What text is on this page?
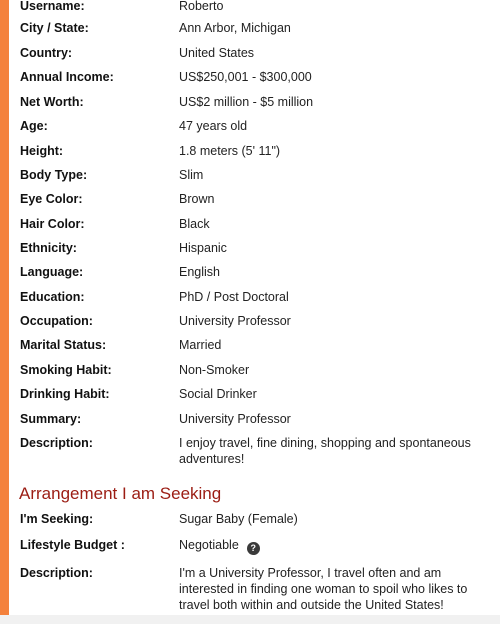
Username:	Roberto
City / State:	Ann Arbor, Michigan
Country:	United States
Annual Income:	US$250,001 - $300,000
Net Worth:	US$2 million - $5 million
Age:	47 years old
Height:	1.8 meters (5' 11")
Body Type:	Slim
Eye Color:	Brown
Hair Color:	Black
Ethnicity:	Hispanic
Language:	English
Education:	PhD / Post Doctoral
Occupation:	University Professor
Marital Status:	Married
Smoking Habit:	Non-Smoker
Drinking Habit:	Social Drinker
Summary:	University Professor
Description:	I enjoy travel, fine dining, shopping and spontaneous adventures!
Arrangement I am Seeking
I'm Seeking:	Sugar Baby (Female)
Lifestyle Budget :	Negotiable ?
Description:	I'm a University Professor, I travel often and am interested in finding one woman to spoil who likes to travel both within and outside the United States!
